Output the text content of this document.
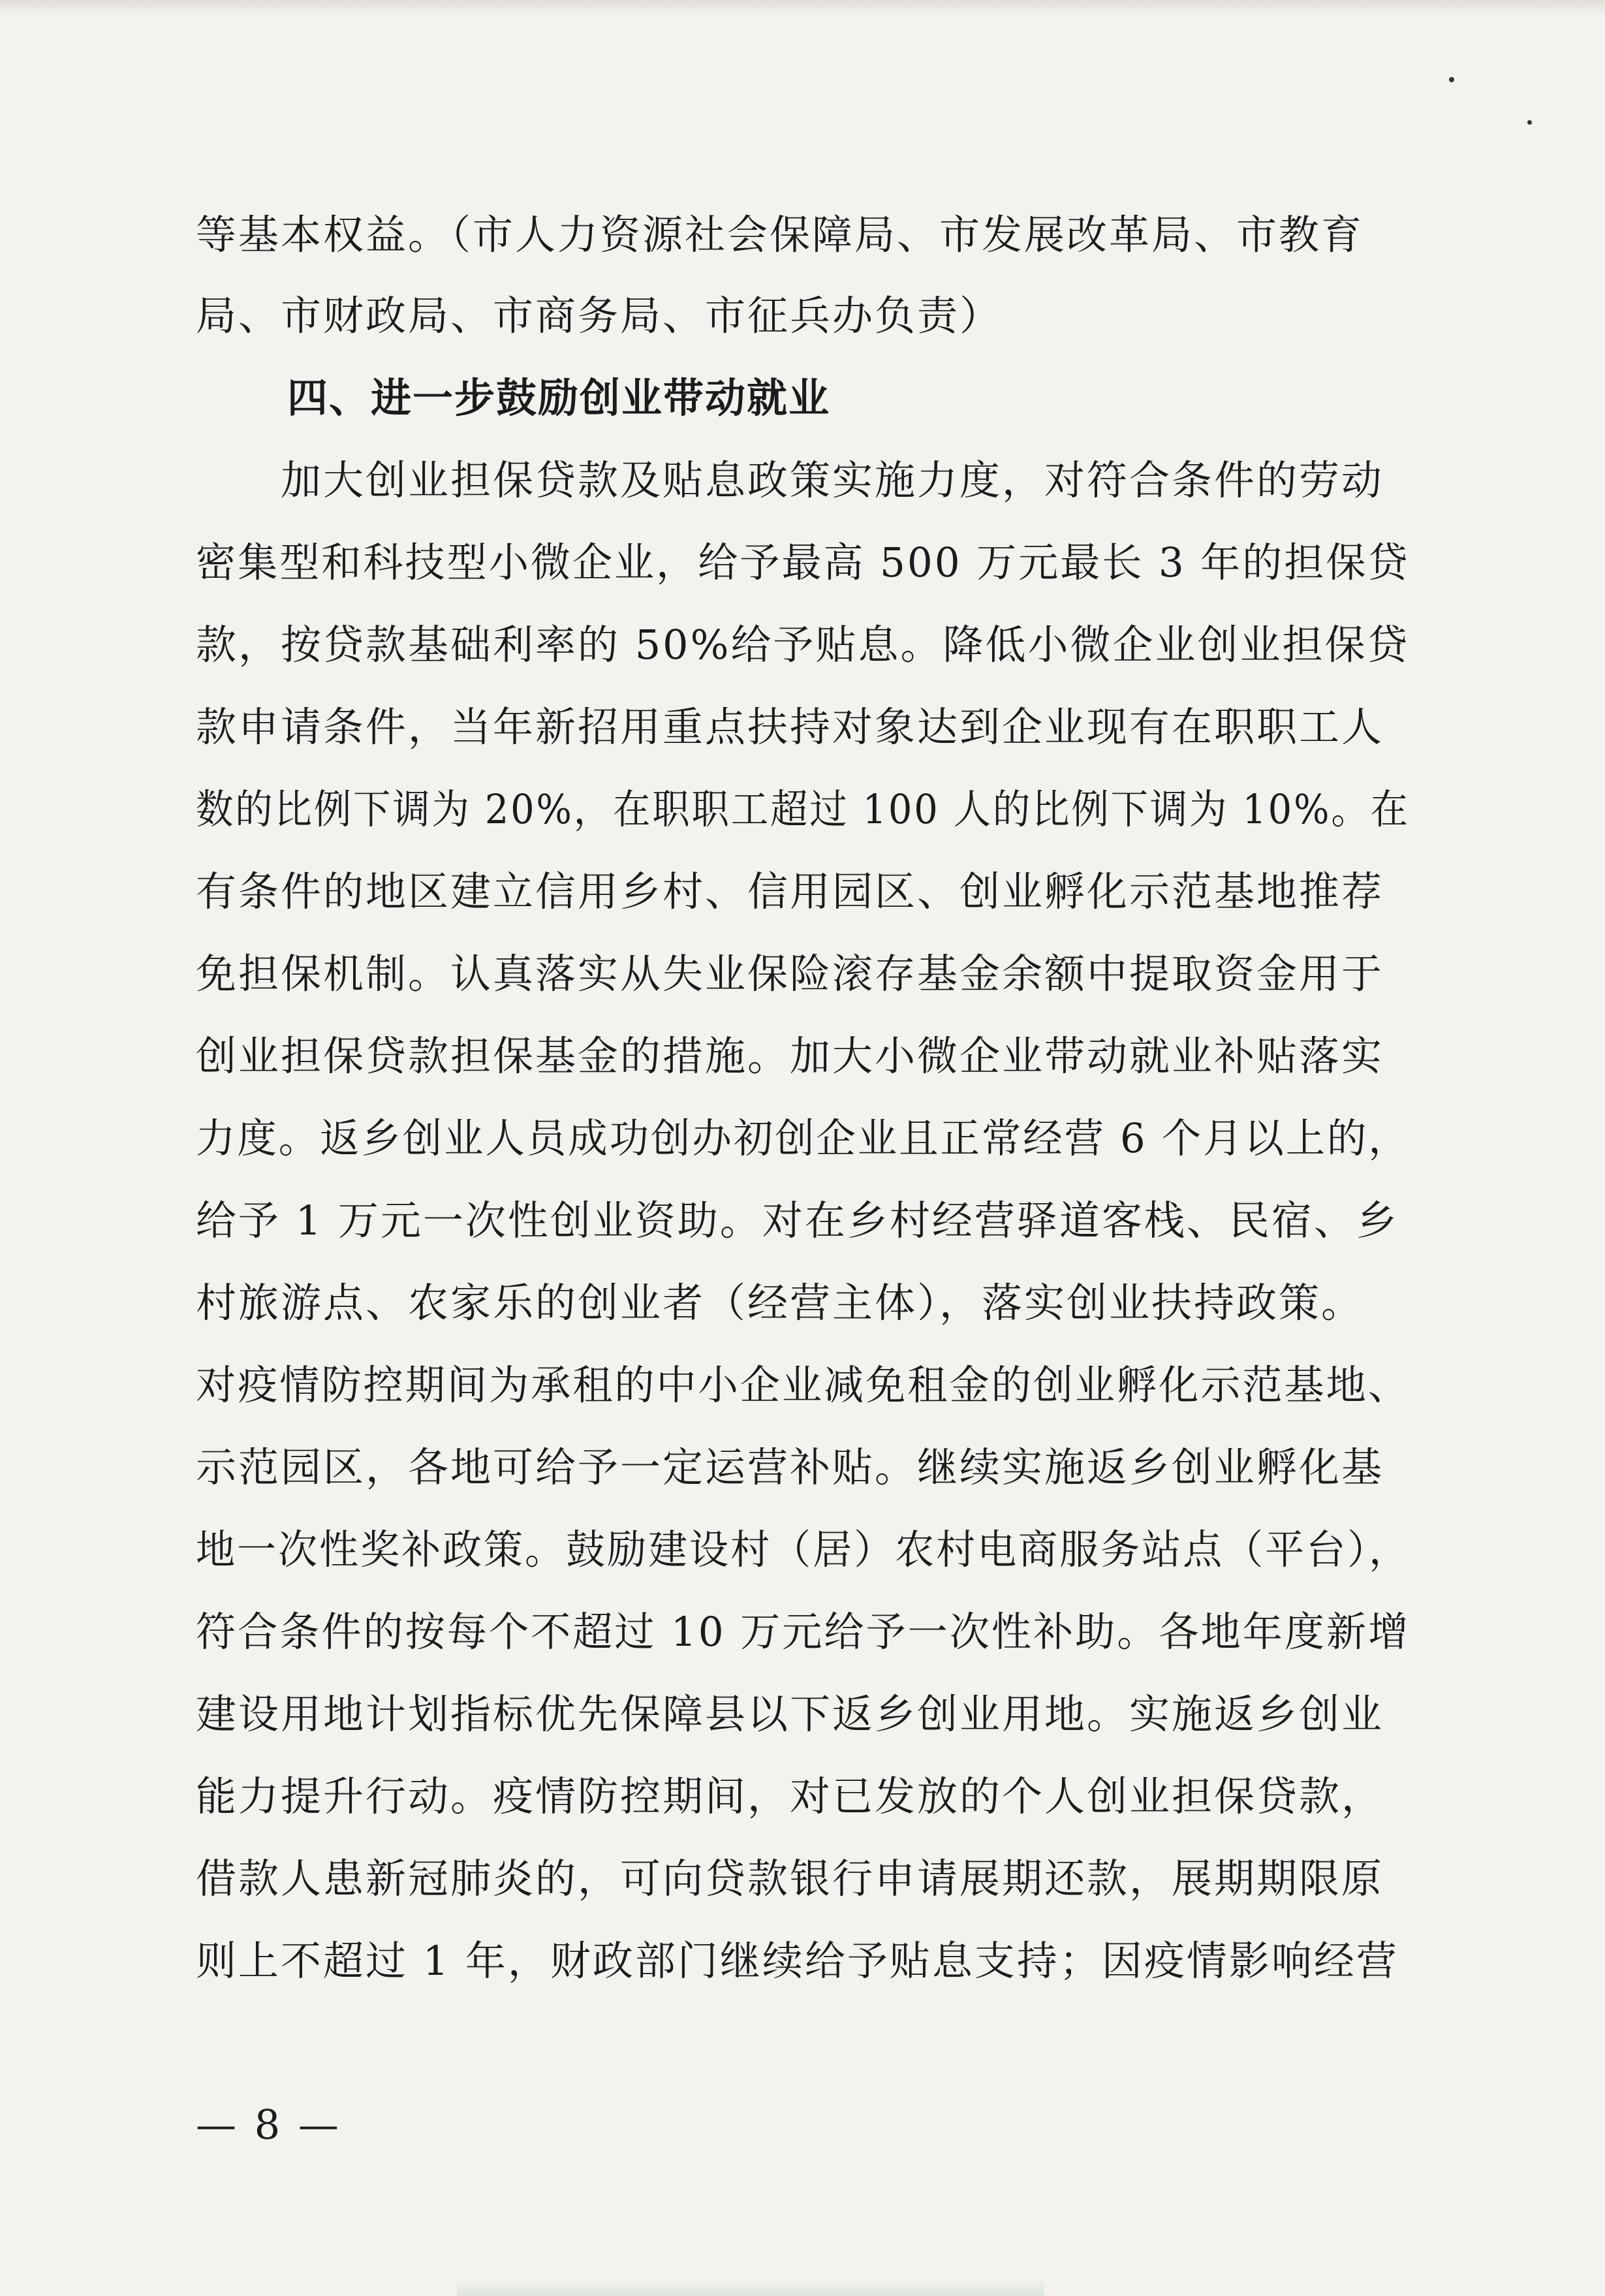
等基本权益。（市人力资源社会保障局、市发展改革局、市教育
局、市财政局、市商务局、市征兵办负责）
四、进一步鼓励创业带动就业
加大创业担保贷款及贴息政策实施力度，对符合条件的劳动
密集型和科技型小微企业，给予最高 500 万元最长 3 年的担保贷
款，按贷款基础利率的 50%给予贴息。降低小微企业创业担保贷
款申请条件，当年新招用重点扶持对象达到企业现有在职职工人
数的比例下调为 20%，在职职工超过 100 人的比例下调为 10%。在
有条件的地区建立信用乡村、信用园区、创业孵化示范基地推荐
免担保机制。认真落实从失业保险滚存基金余额中提取资金用于
创业担保贷款担保基金的措施。加大小微企业带动就业补贴落实
力度。返乡创业人员成功创办初创企业且正常经营 6 个月以上的，
给予 1 万元一次性创业资助。对在乡村经营驿道客栈、民宿、乡
村旅游点、农家乐的创业者（经营主体），落实创业扶持政策。
对疫情防控期间为承租的中小企业减免租金的创业孵化示范基地、
示范园区，各地可给予一定运营补贴。继续实施返乡创业孵化基
地一次性奖补政策。鼓励建设村（居）农村电商服务站点（平台），
符合条件的按每个不超过 10 万元给予一次性补助。各地年度新增
建设用地计划指标优先保障县以下返乡创业用地。实施返乡创业
能力提升行动。疫情防控期间，对已发放的个人创业担保贷款，
借款人患新冠肺炎的，可向贷款银行申请展期还款，展期期限原
则上不超过 1 年，财政部门继续给予贴息支持；因疫情影响经营
— 8 —
